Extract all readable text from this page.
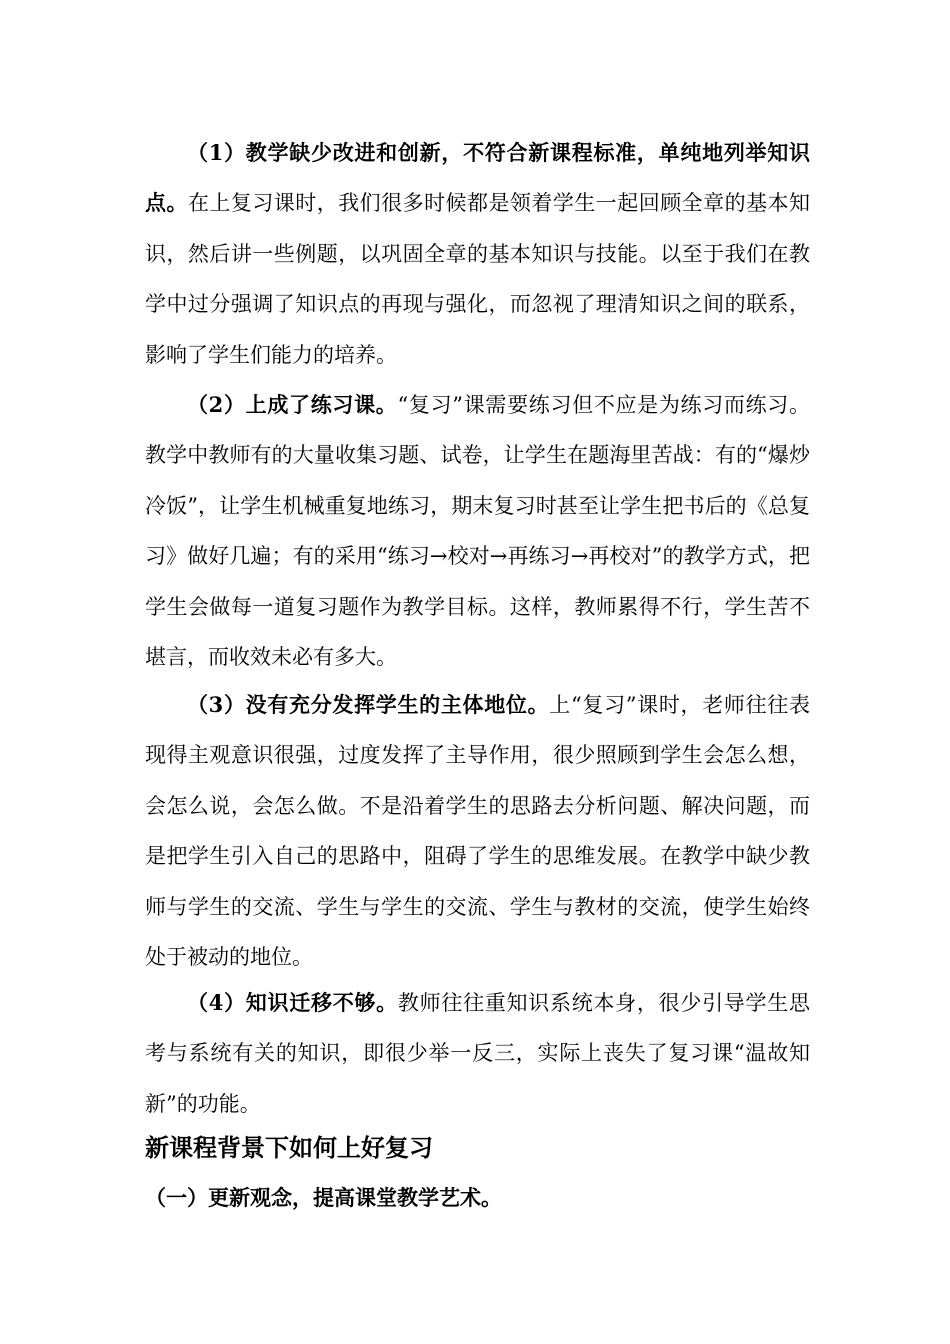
（1）教学缺少改进和创新，不符合新课程标准，单纯地列举知识点。在上复习课时，我们很多时候都是领着学生一起回顾全章的基本知识，然后讲一些例题，以巩固全章的基本知识与技能。以至于我们在教学中过分强调了知识点的再现与强化，而忽视了理清知识之间的联系，影响了学生们能力的培养。

（2）上成了练习课。“复习”课需要练习但不应是为练习而练习。教学中教师有的大量收集习题、试卷，让学生在题海里苦战：有的“爆炒冷饭”，让学生机械重复地练习，期末复习时甚至让学生把书后的《总复习》做好几遍；有的采用“练习→校对→再练习→再校对”的教学方式，把学生会做每一道复习题作为教学目标。这样，教师累得不行，学生苦不堪言，而收效未必有多大。

（3）没有充分发挥学生的主体地位。上“复习”课时，老师往往表现得主观意识很强，过度发挥了主导作用，很少照顾到学生会怎么想，会怎么说，会怎么做。不是沿着学生的思路去分析问题、解决问题，而是把学生引入自己的思路中，阻碍了学生的思维发展。在教学中缺少教师与学生的交流、学生与学生的交流、学生与教材的交流，使学生始终处于被动的地位。

（4）知识迁移不够。教师往往重知识系统本身，很少引导学生思考与系统有关的知识，即很少举一反三，实际上丧失了复习课“温故知新”的功能。

新课程背景下如何上好复习
（一）更新观念，提高课堂教学艺术。
